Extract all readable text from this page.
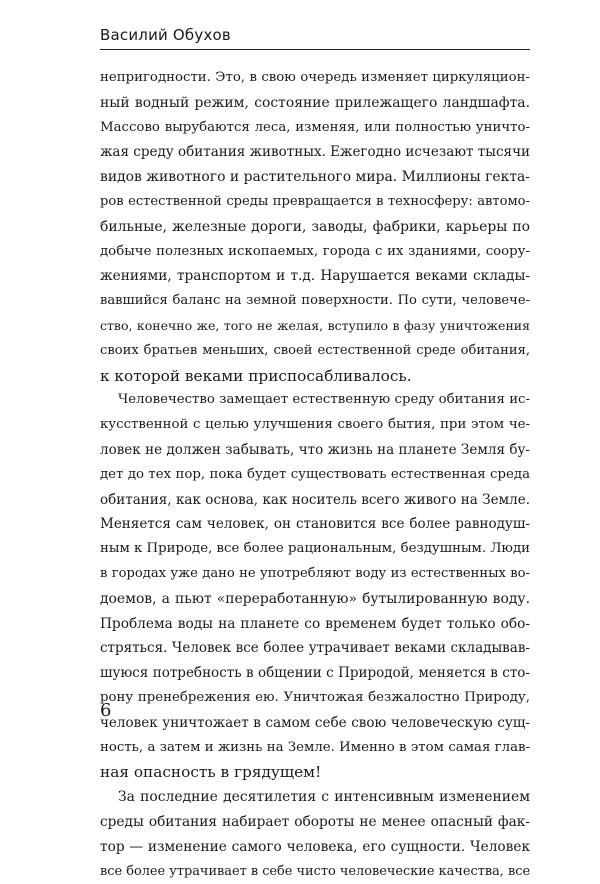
Василий Обухов
непригодности. Это, в свою очередь изменяет циркуляцион-
ный водный режим, состояние прилежащего ландшафта.
Массово вырубаются леса, изменяя, или полностью уничто-
жая среду обитания животных. Ежегодно исчезают тысячи
видов животного и растительного мира. Миллионы гекта-
ров естественной среды превращается в техносферу: автомо-
бильные, железные дороги, заводы, фабрики, карьеры по
добыче полезных ископаемых, города с их зданиями, соору-
жениями, транспортом и т.д. Нарушается веками склады-
вавшийся баланс на земной поверхности. По сути, человече-
ство, конечно же, того не желая, вступило в фазу уничтожения
своих братьев меньших, своей естественной среде обитания,
к которой веками приспосабливалось.
Человечество замещает естественную среду обитания ис-
кусственной с целью улучшения своего бытия, при этом че-
ловек не должен забывать, что жизнь на планете Земля бу-
дет до тех пор, пока будет существовать естественная среда
обитания, как основа, как носитель всего живого на Земле.
Меняется сам человек, он становится все более равнодуш-
ным к Природе, все более рациональным, бездушным. Люди
в городах уже дано не употребляют воду из естественных во-
доемов, а пьют «переработанную» бутылированную воду.
Проблема воды на планете со временем будет только обо-
стряться. Человек все более утрачивает веками складывав-
шуюся потребность в общении с Природой, меняется в сто-
рону пренебрежения ею. Уничтожая безжалостно Природу,
человек уничтожает в самом себе свою человеческую сущ-
ность, а затем и жизнь на Земле. Именно в этом самая глав-
ная опасность в грядущем!
За последние десятилетия с интенсивным изменением
среды обитания набирает обороты не менее опасный фак-
тор — изменение самого человека, его сущности. Человек
все более утрачивает в себе чисто человеческие качества, все
6
